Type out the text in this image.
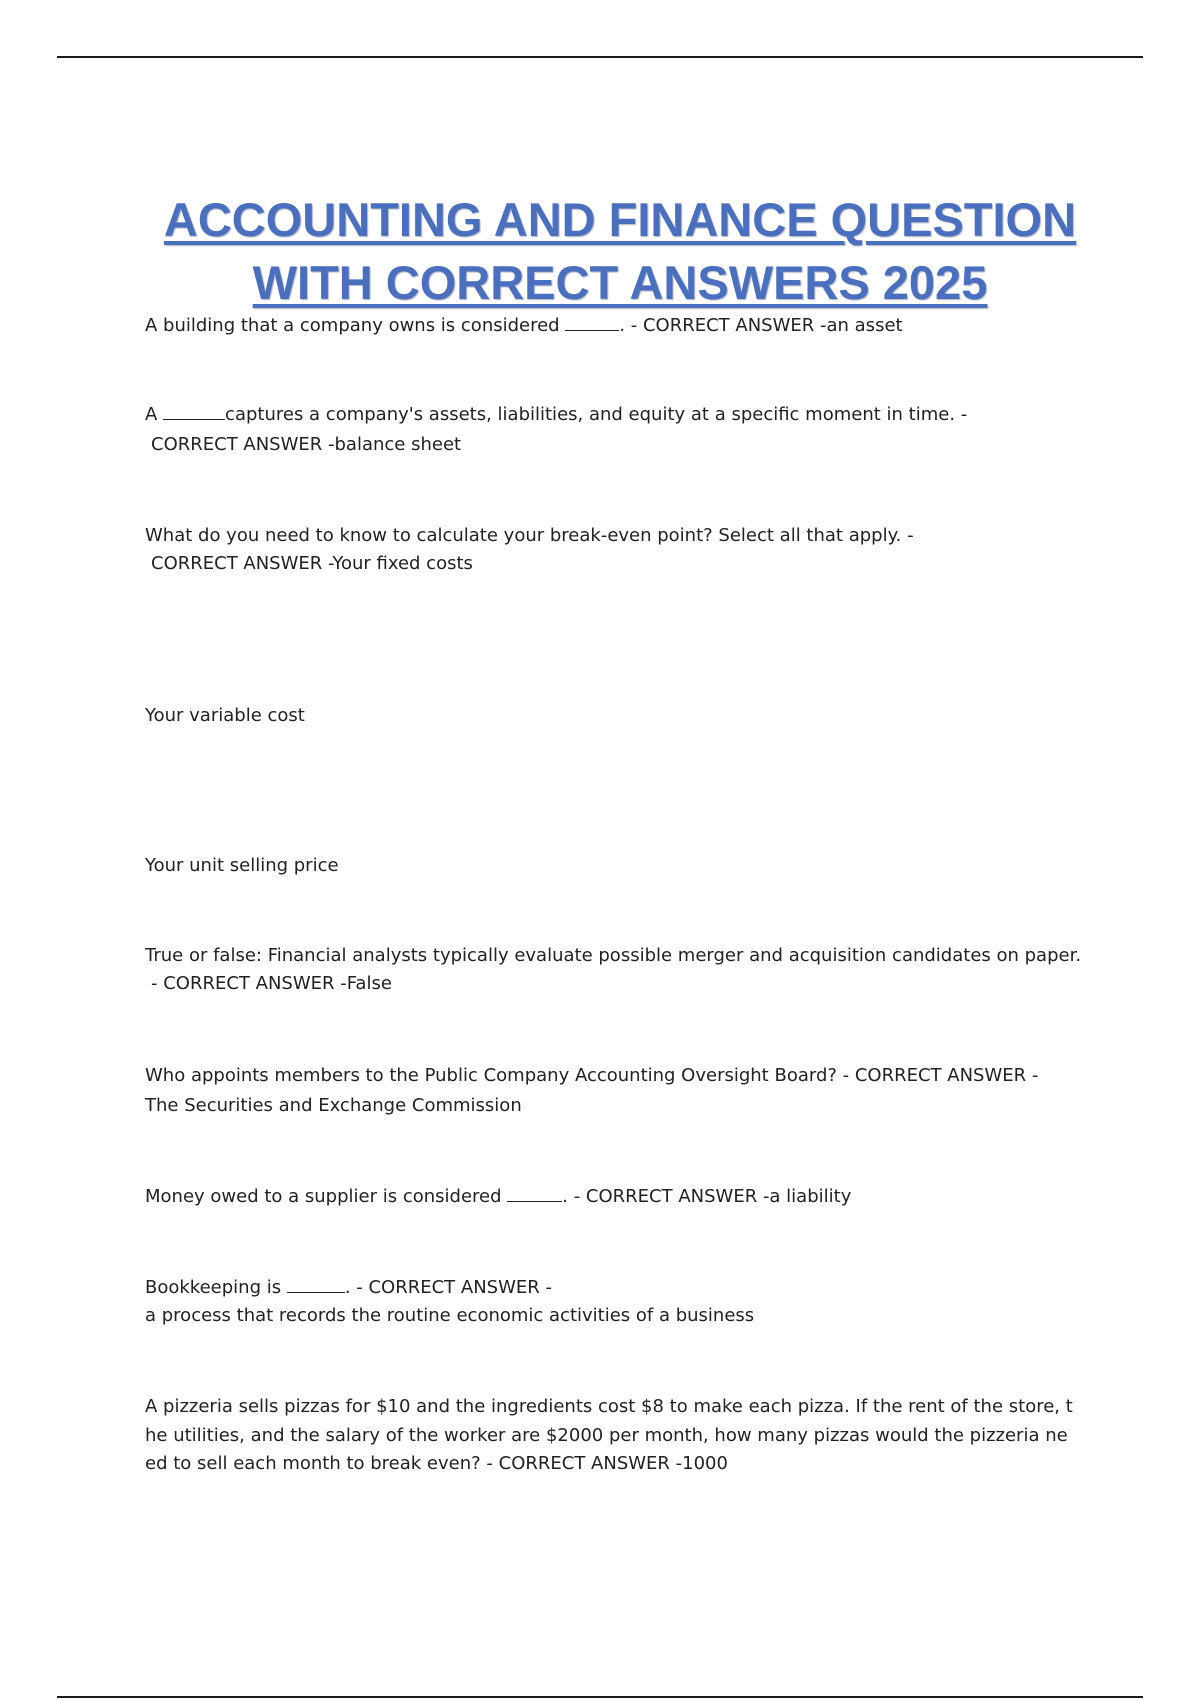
ACCOUNTING AND FINANCE QUESTION
WITH CORRECT ANSWERS 2025
A building that a company owns is considered	. - CORRECT ANSWER -an asset
A	captures a company's assets, liabilities, and equity at a specific moment in time. -
CORRECT ANSWER -balance sheet
What do you need to know to calculate your break-even point? Select all that apply. -
CORRECT ANSWER -Your fixed costs
Your variable cost
Your unit selling price
True or false: Financial analysts typically evaluate possible merger and acquisition candidates on paper.
- CORRECT ANSWER -False
Who appoints members to the Public Company Accounting Oversight Board? - CORRECT ANSWER -
The Securities and Exchange Commission
Money owed to a supplier is considered	. - CORRECT ANSWER -a liability
Bookkeeping is	. - CORRECT ANSWER -
a process that records the routine economic activities of a business
A pizzeria sells pizzas for $10 and the ingredients cost $8 to make each pizza. If the rent of the store, t
he utilities, and the salary of the worker are $2000 per month, how many pizzas would the pizzeria ne
ed to sell each month to break even? - CORRECT ANSWER -1000
